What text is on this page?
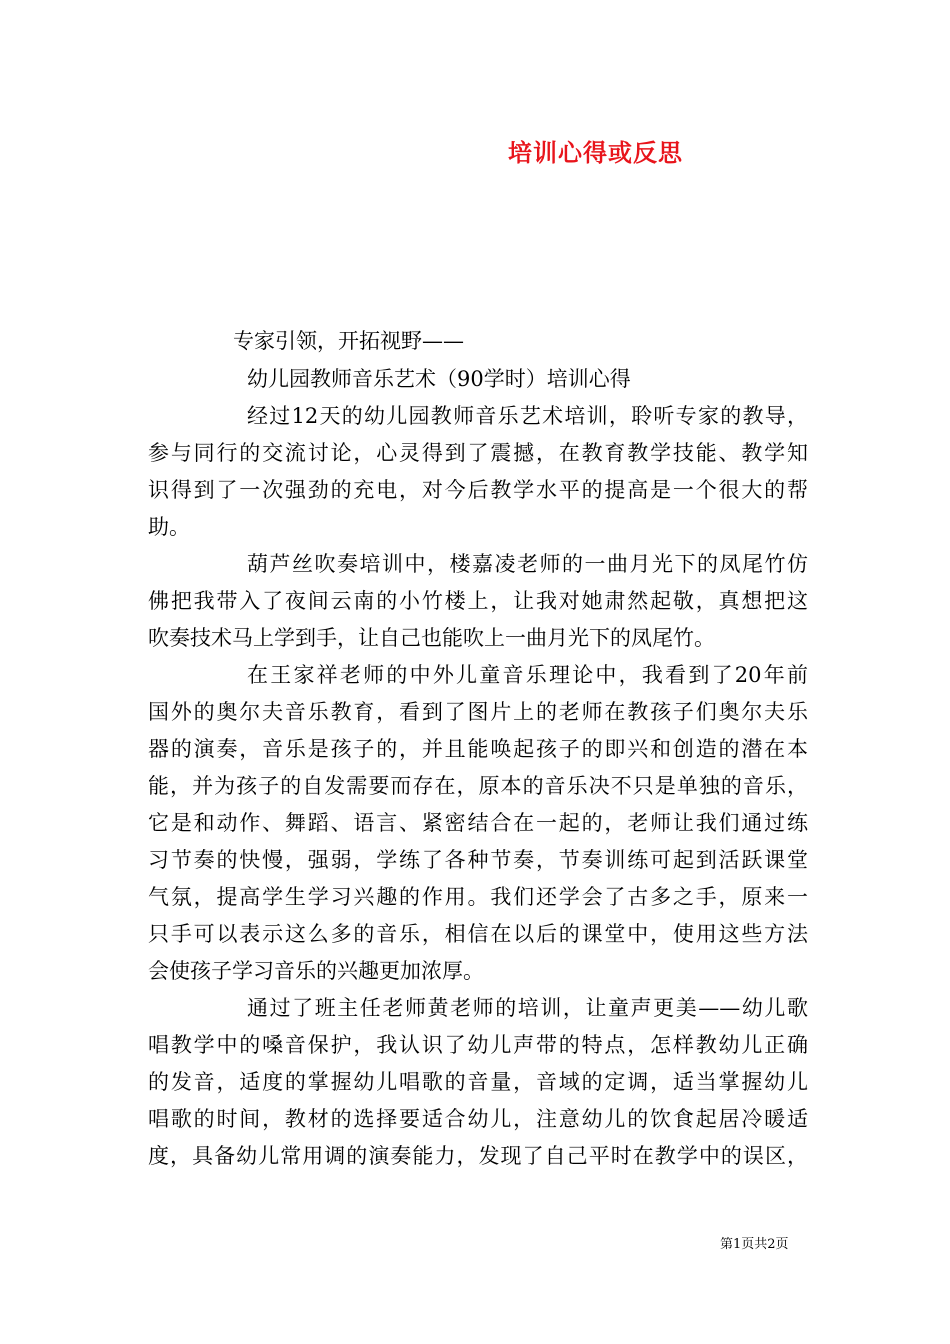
培训心得或反思
专家引领，开拓视野——
幼儿园教师音乐艺术（90学时）培训心得
经过12天的幼儿园教师音乐艺术培训，聆听专家的教导，
参与同行的交流讨论，心灵得到了震撼，在教育教学技能、教学知
识得到了一次强劲的充电，对今后教学水平的提高是一个很大的帮
助。
葫芦丝吹奏培训中，楼嘉凌老师的一曲月光下的凤尾竹仿
佛把我带入了夜间云南的小竹楼上，让我对她肃然起敬，真想把这
吹奏技术马上学到手，让自己也能吹上一曲月光下的凤尾竹。
在王家祥老师的中外儿童音乐理论中，我看到了20年前
国外的奥尔夫音乐教育，看到了图片上的老师在教孩子们奥尔夫乐
器的演奏，音乐是孩子的，并且能唤起孩子的即兴和创造的潜在本
能，并为孩子的自发需要而存在，原本的音乐决不只是单独的音乐，
它是和动作、舞蹈、语言、紧密结合在一起的，老师让我们通过练
习节奏的快慢，强弱，学练了各种节奏，节奏训练可起到活跃课堂
气氛，提高学生学习兴趣的作用。我们还学会了古多之手，原来一
只手可以表示这么多的音乐，相信在以后的课堂中，使用这些方法
会使孩子学习音乐的兴趣更加浓厚。
通过了班主任老师黄老师的培训，让童声更美——幼儿歌
唱教学中的嗓音保护，我认识了幼儿声带的特点，怎样教幼儿正确
的发音，适度的掌握幼儿唱歌的音量，音域的定调，适当掌握幼儿
唱歌的时间，教材的选择要适合幼儿，注意幼儿的饮食起居冷暖适
度，具备幼儿常用调的演奏能力，发现了自己平时在教学中的误区，
第1页共2页
